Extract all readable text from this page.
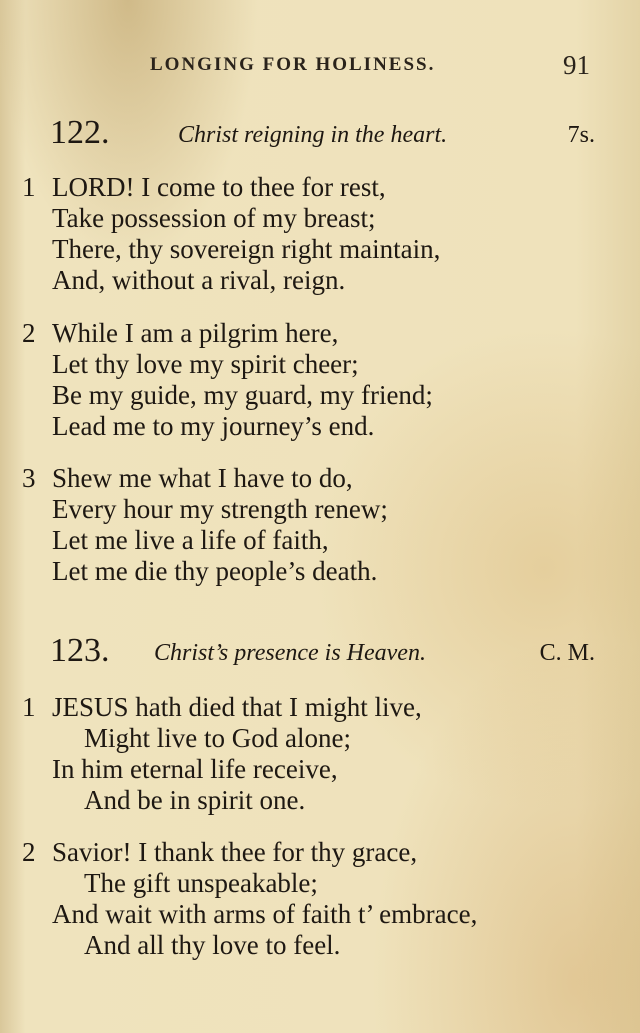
LONGING FOR HOLINESS.	91
122.	Christ reigning in the heart.	7s.
1 LORD! I come to thee for rest,
Take possession of my breast;
There, thy sovereign right maintain,
And, without a rival, reign.
2 While I am a pilgrim here,
Let thy love my spirit cheer;
Be my guide, my guard, my friend;
Lead me to my journey’s end.
3 Shew me what I have to do,
Every hour my strength renew;
Let me live a life of faith,
Let me die thy people’s death.
123. Christ’s presence is Heaven.	C. M.
1 JESUS hath died that I might live,
Might live to God alone;
In him eternal life receive,
And be in spirit one.
2 Savior! I thank thee for thy grace,
The gift unspeakable;
And wait with arms of faith t’ embrace,
And all thy love to feel.
